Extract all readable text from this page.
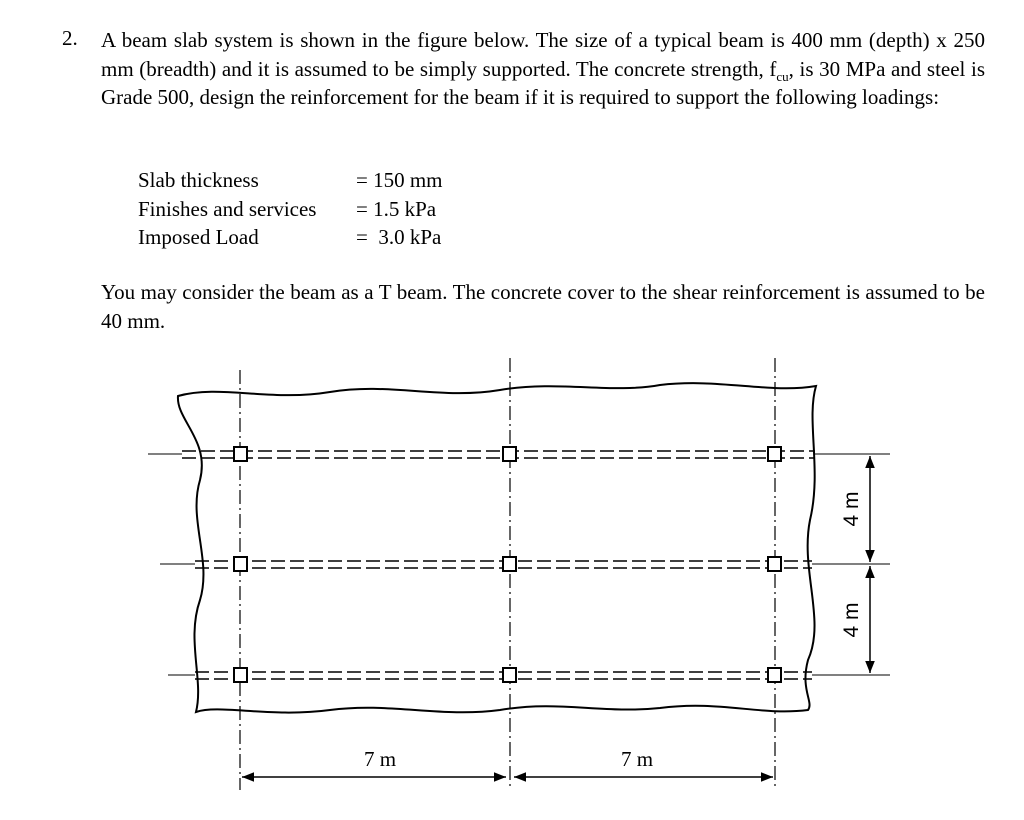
2. A beam slab system is shown in the figure below. The size of a typical beam is 400 mm (depth) x 250 mm (breadth) and it is assumed to be simply supported. The concrete strength, $f_{cu}$, is 30 MPa and steel is Grade 500, design the reinforcement for the beam if it is required to support the following loadings:
Slab thickness	= 150 mm
Finishes and services	= 1.5 kPa
Imposed Load	=  3.0 kPa
You may consider the beam as a T beam. The concrete cover to the shear reinforcement is assumed to be 40 mm.
7 m	7 m
4 m
4 m
